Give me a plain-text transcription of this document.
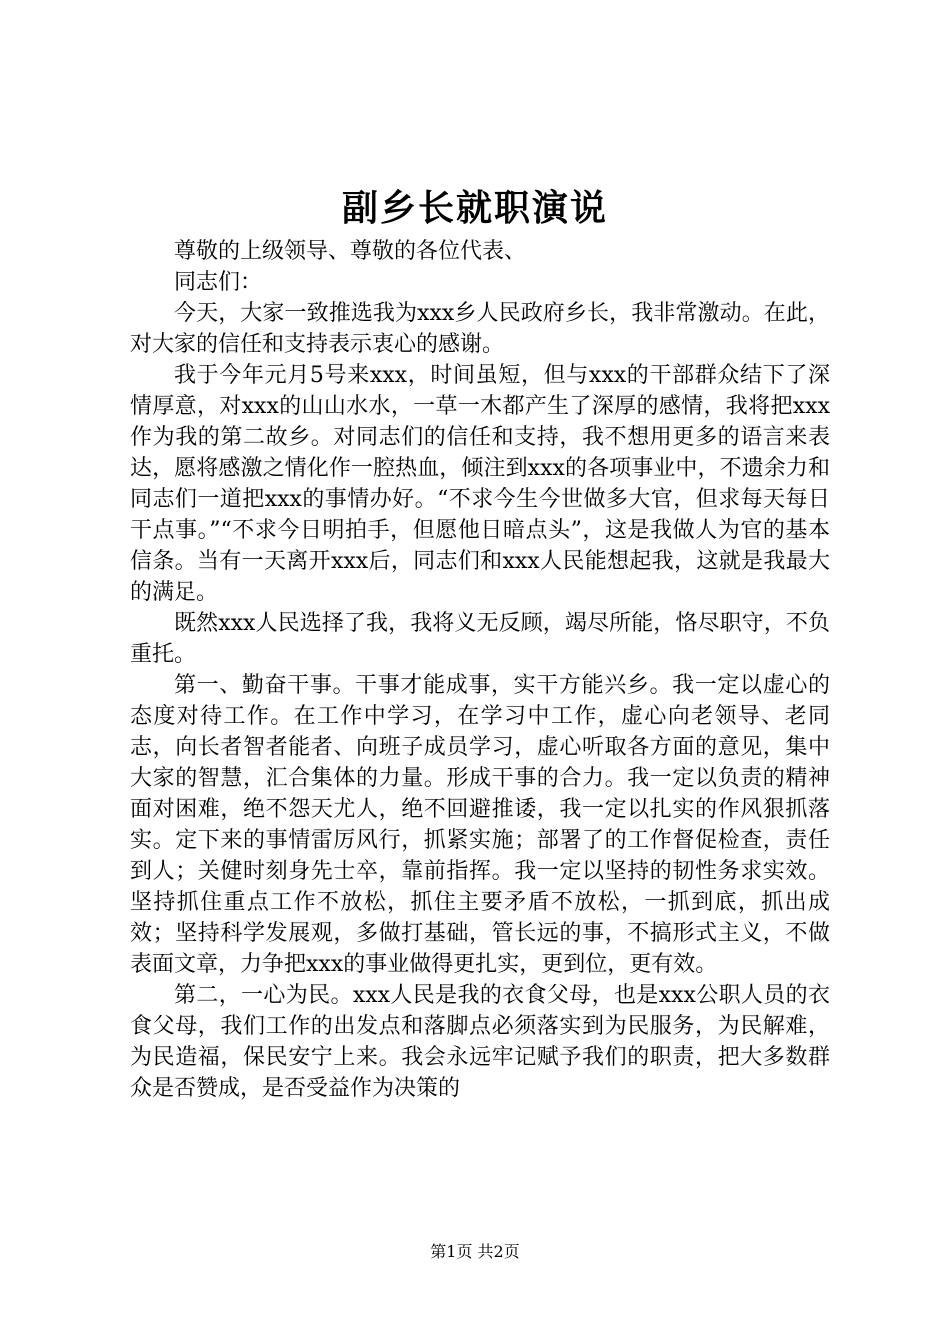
副乡长就职演说

尊敬的上级领导、尊敬的各位代表、

同志们：

今天，大家一致推选我为xxx乡人民政府乡长，我非常激动。在此，对大家的信任和支持表示衷心的感谢。

我于今年元月5号来xxx，时间虽短，但与xxx的干部群众结下了深情厚意，对xxx的山山水水，一草一木都产生了深厚的感情，我将把xxx作为我的第二故乡。对同志们的信任和支持，我不想用更多的语言来表达，愿将感激之情化作一腔热血，倾注到xxx的各项事业中，不遗余力和同志们一道把xxx的事情办好。“不求今生今世做多大官，但求每天每日干点事。”“不求今日明拍手，但愿他日暗点头”，这是我做人为官的基本信条。当有一天离开xxx后，同志们和xxx人民能想起我，这就是我最大的满足。

既然xxx人民选择了我，我将义无反顾，竭尽所能，恪尽职守，不负重托。

第一、勤奋干事。干事才能成事，实干方能兴乡。我一定以虚心的态度对待工作。在工作中学习，在学习中工作，虚心向老领导、老同志，向长者智者能者、向班子成员学习，虚心听取各方面的意见，集中大家的智慧，汇合集体的力量。形成干事的合力。我一定以负责的精神面对困难，绝不怨天尤人，绝不回避推诿，我一定以扎实的作风狠抓落实。定下来的事情雷厉风行，抓紧实施；部署了的工作督促检查，责任到人；关健时刻身先士卒，靠前指挥。我一定以坚持的韧性务求实效。坚持抓住重点工作不放松，抓住主要矛盾不放松，一抓到底，抓出成效；坚持科学发展观，多做打基础，管长远的事，不搞形式主义，不做表面文章，力争把xxx的事业做得更扎实，更到位，更有效。

第二，一心为民。xxx人民是我的衣食父母，也是xxx公职人员的衣食父母，我们工作的出发点和落脚点必须落实到为民服务，为民解难，为民造福，保民安宁上来。我会永远牢记赋予我们的职责，把大多数群众是否赞成，是否受益作为决策的

第1页 共2页
